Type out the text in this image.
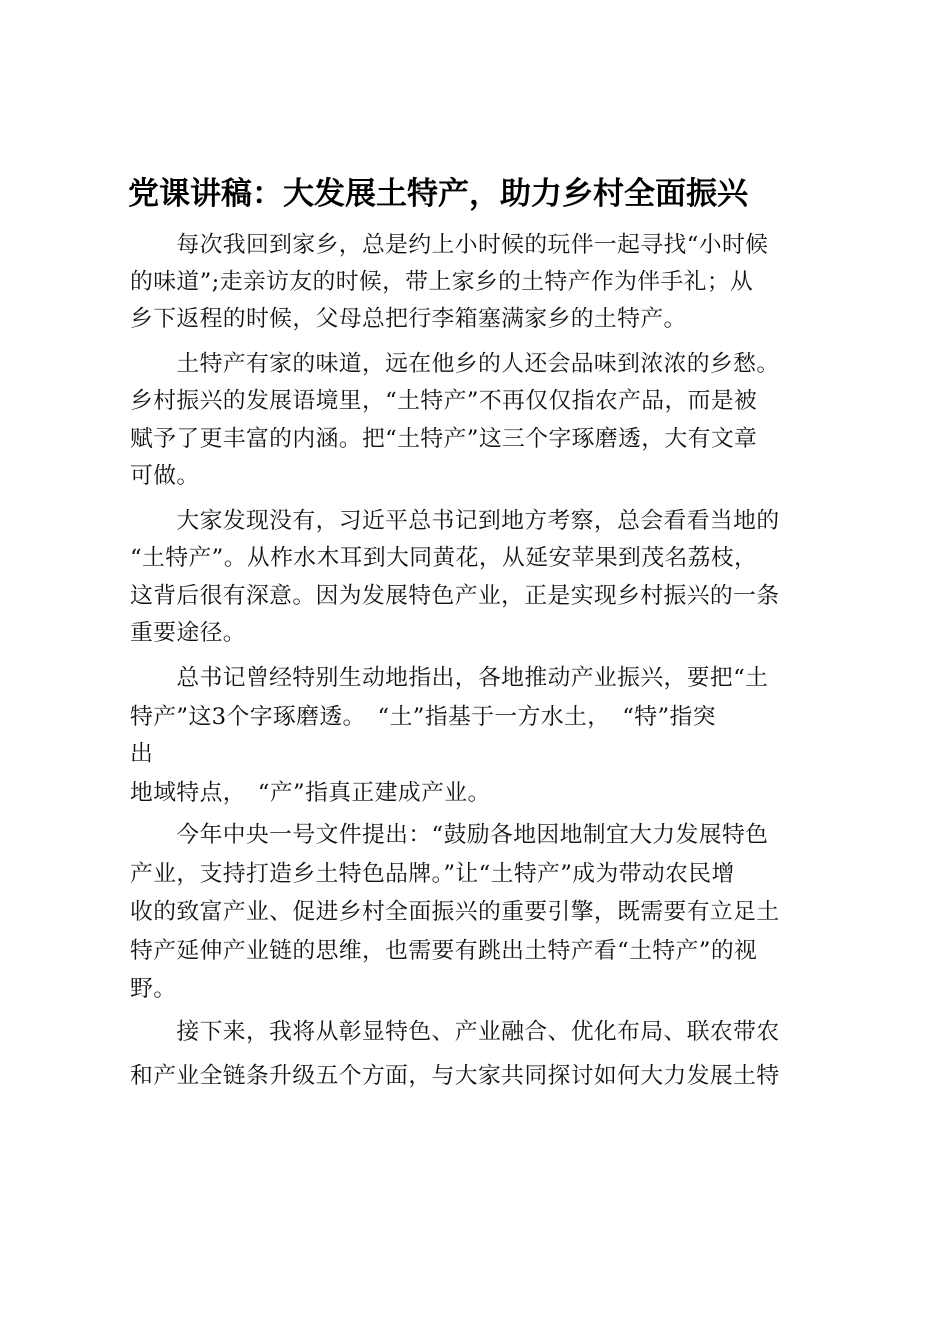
党课讲稿：大发展土特产，助力乡村全面振兴
　　每次我回到家乡，总是约上小时候的玩伴一起寻找“小时候
的味道”;走亲访友的时候，带上家乡的土特产作为伴手礼；从
乡下返程的时候，父母总把行李箱塞满家乡的土特产。
　　土特产有家的味道，远在他乡的人还会品味到浓浓的乡愁。
乡村振兴的发展语境里，“土特产”不再仅仅指农产品，而是被
赋予了更丰富的内涵。把“土特产”这三个字琢磨透，大有文章
可做。
　　大家发现没有，习近平总书记到地方考察，总会看看当地的
“土特产”。从柞水木耳到大同黄花，从延安苹果到茂名荔枝，
这背后很有深意。因为发展特色产业，正是实现乡村振兴的一条
重要途径。
　　总书记曾经特别生动地指出，各地推动产业振兴，要把“土
特产”这3个字琢磨透。　“土”指基于一方水土，　“特”指突
出
地域特点，　“产”指真正建成产业。
　　今年中央一号文件提出：“鼓励各地因地制宜大力发展特色
产业，支持打造乡土特色品牌。”让“土特产”成为带动农民增
收的致富产业、促进乡村全面振兴的重要引擎，既需要有立足土
特产延伸产业链的思维，也需要有跳出土特产看“土特产”的视
野。
　　接下来，我将从彰显特色、产业融合、优化布局、联农带农
和产业全链条升级五个方面，与大家共同探讨如何大力发展土特
